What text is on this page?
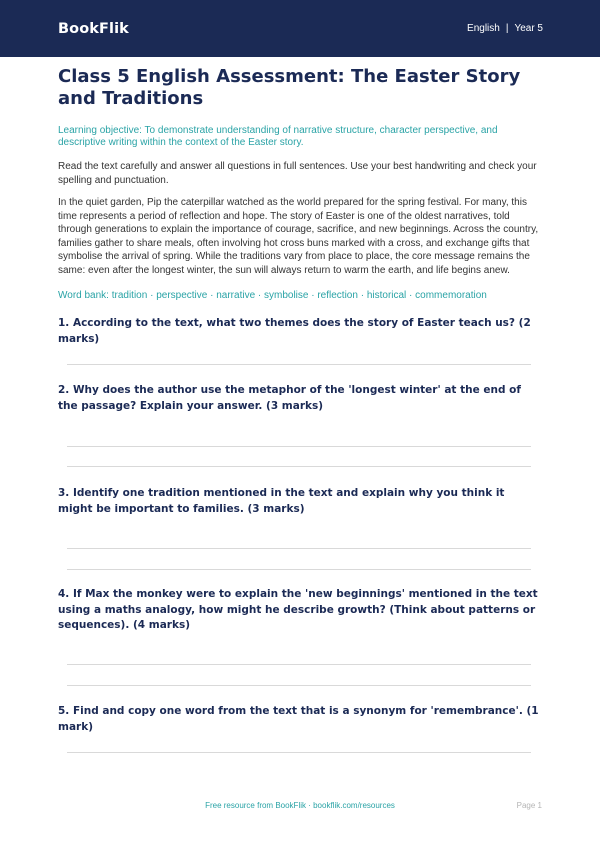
BookFlik	English | Year 5
Class 5 English Assessment: The Easter Story and Traditions

Learning objective: To demonstrate understanding of narrative structure, character perspective, and descriptive writing within the context of the Easter story.

Read the text carefully and answer all questions in full sentences. Use your best handwriting and check your spelling and punctuation.

In the quiet garden, Pip the caterpillar watched as the world prepared for the spring festival. For many, this time represents a period of reflection and hope. The story of Easter is one of the oldest narratives, told through generations to explain the importance of courage, sacrifice, and new beginnings. Across the country, families gather to share meals, often involving hot cross buns marked with a cross, and exchange gifts that symbolise the arrival of spring. While the traditions vary from place to place, the core message remains the same: even after the longest winter, the sun will always return to warm the earth, and life begins anew.

Word bank: tradition · perspective · narrative · symbolise · reflection · historical · commemoration

1. According to the text, what two themes does the story of Easter teach us? (2 marks)
2. Why does the author use the metaphor of the 'longest winter' at the end of the passage? Explain your answer. (3 marks)
3. Identify one tradition mentioned in the text and explain why you think it might be important to families. (3 marks)
4. If Max the monkey were to explain the 'new beginnings' mentioned in the text using a maths analogy, how might he describe growth? (Think about patterns or sequences). (4 marks)
5. Find and copy one word from the text that is a synonym for 'remembrance'. (1 mark)
Free resource from BookFlik · bookflik.com/resources	Page 1
